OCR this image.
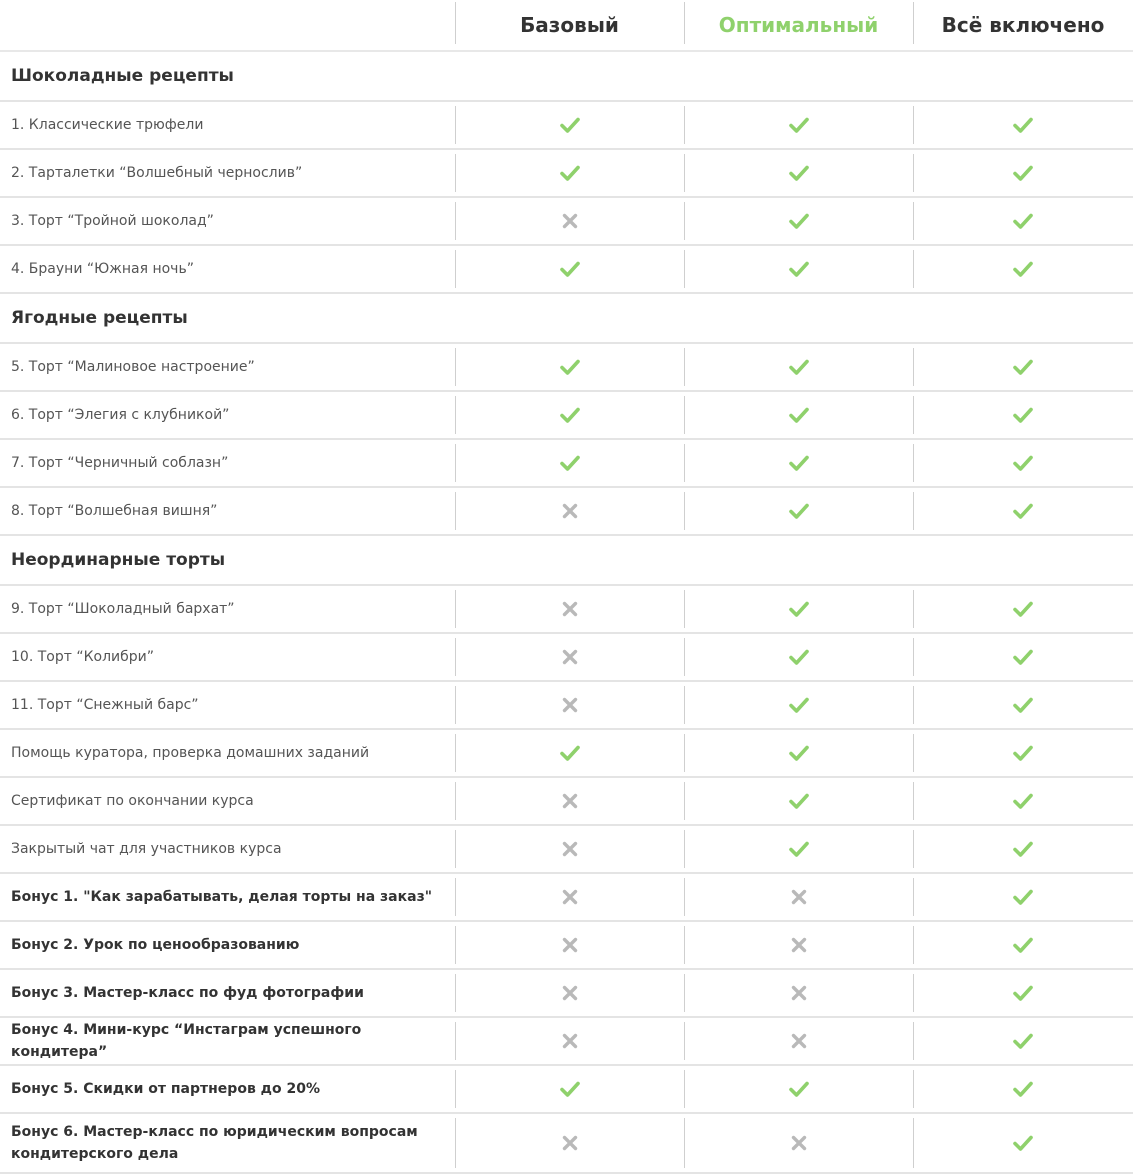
Базовый	Оптимальный	Всё включено
Шоколадные рецепты
1. Классические трюфели
2. Тарталетки “Волшебный чернослив”
3. Торт “Тройной шоколад”
4. Брауни “Южная ночь”
Ягодные рецепты
5. Торт “Малиновое настроение”
6. Торт “Элегия с клубникой”
7. Торт “Черничный соблазн”
8. Торт “Волшебная вишня”
Неординарные торты
9. Торт “Шоколадный бархат”
10. Торт “Колибри”
11. Торт “Снежный барс”
Помощь куратора, проверка домашних заданий
Сертификат по окончании курса
Закрытый чат для участников курса
Бонус 1. "Как зарабатывать, делая торты на заказ"
Бонус 2. Урок по ценообразованию
Бонус 3. Мастер-класс по фуд фотографии
Бонус 4. Мини-курс “Инстаграм успешного кондитера”
Бонус 5. Скидки от партнеров до 20%
Бонус 6. Мастер-класс по юридическим вопросам кондитерского дела
